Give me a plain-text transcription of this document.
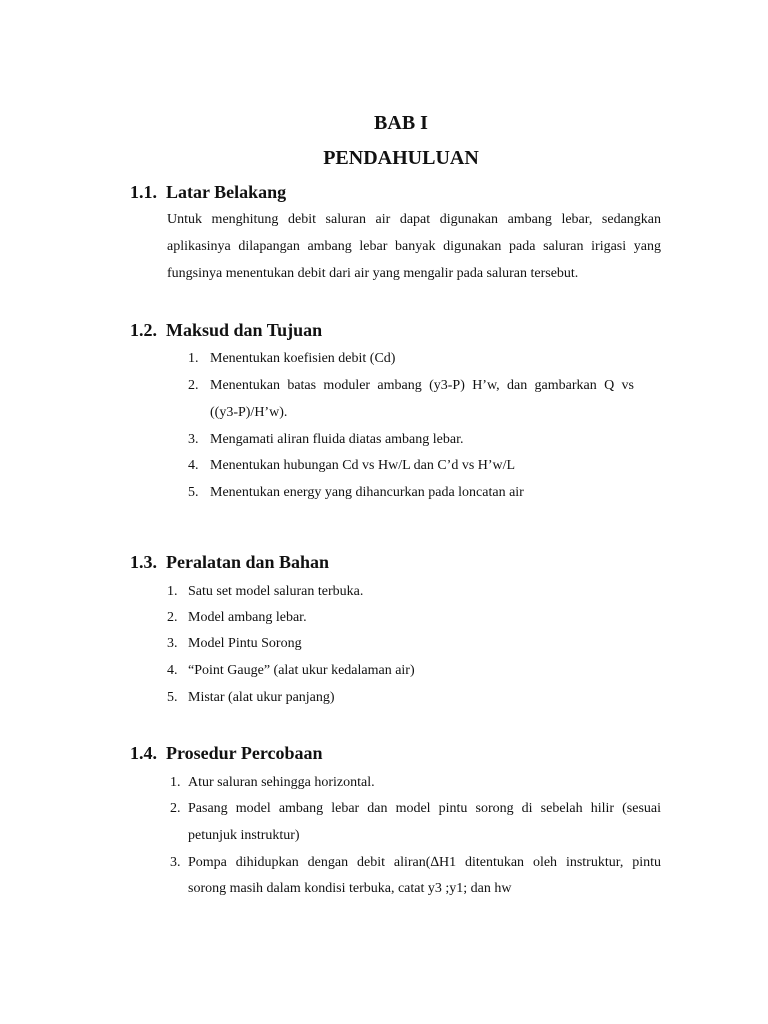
BAB I
PENDAHULUAN
1.1. Latar Belakang
Untuk menghitung debit saluran air dapat digunakan ambang lebar, sedangkan
aplikasinya dilapangan ambang lebar banyak digunakan pada saluran irigasi yang
fungsinya menentukan debit dari air yang mengalir pada saluran tersebut.
1.2. Maksud dan Tujuan
1. Menentukan koefisien debit (Cd)
2. Menentukan batas moduler ambang (y3-P) H’w, dan gambarkan Q vs
((y3-P)/H’w).
3. Mengamati aliran fluida diatas ambang lebar.
4. Menentukan hubungan Cd vs Hw/L dan C’d vs H’w/L
5. Menentukan energy yang dihancurkan pada loncatan air
1.3. Peralatan dan Bahan
1. Satu set model saluran terbuka.
2. Model ambang lebar.
3. Model Pintu Sorong
4. “Point Gauge” (alat ukur kedalaman air)
5. Mistar (alat ukur panjang)
1.4. Prosedur Percobaan
1. Atur saluran sehingga horizontal.
2. Pasang model ambang lebar dan model pintu sorong di sebelah hilir (sesuai
petunjuk instruktur)
3. Pompa dihidupkan dengan debit aliran(∆H1 ditentukan oleh instruktur, pintu
sorong masih dalam kondisi terbuka, catat y3 ;y1; dan hw
